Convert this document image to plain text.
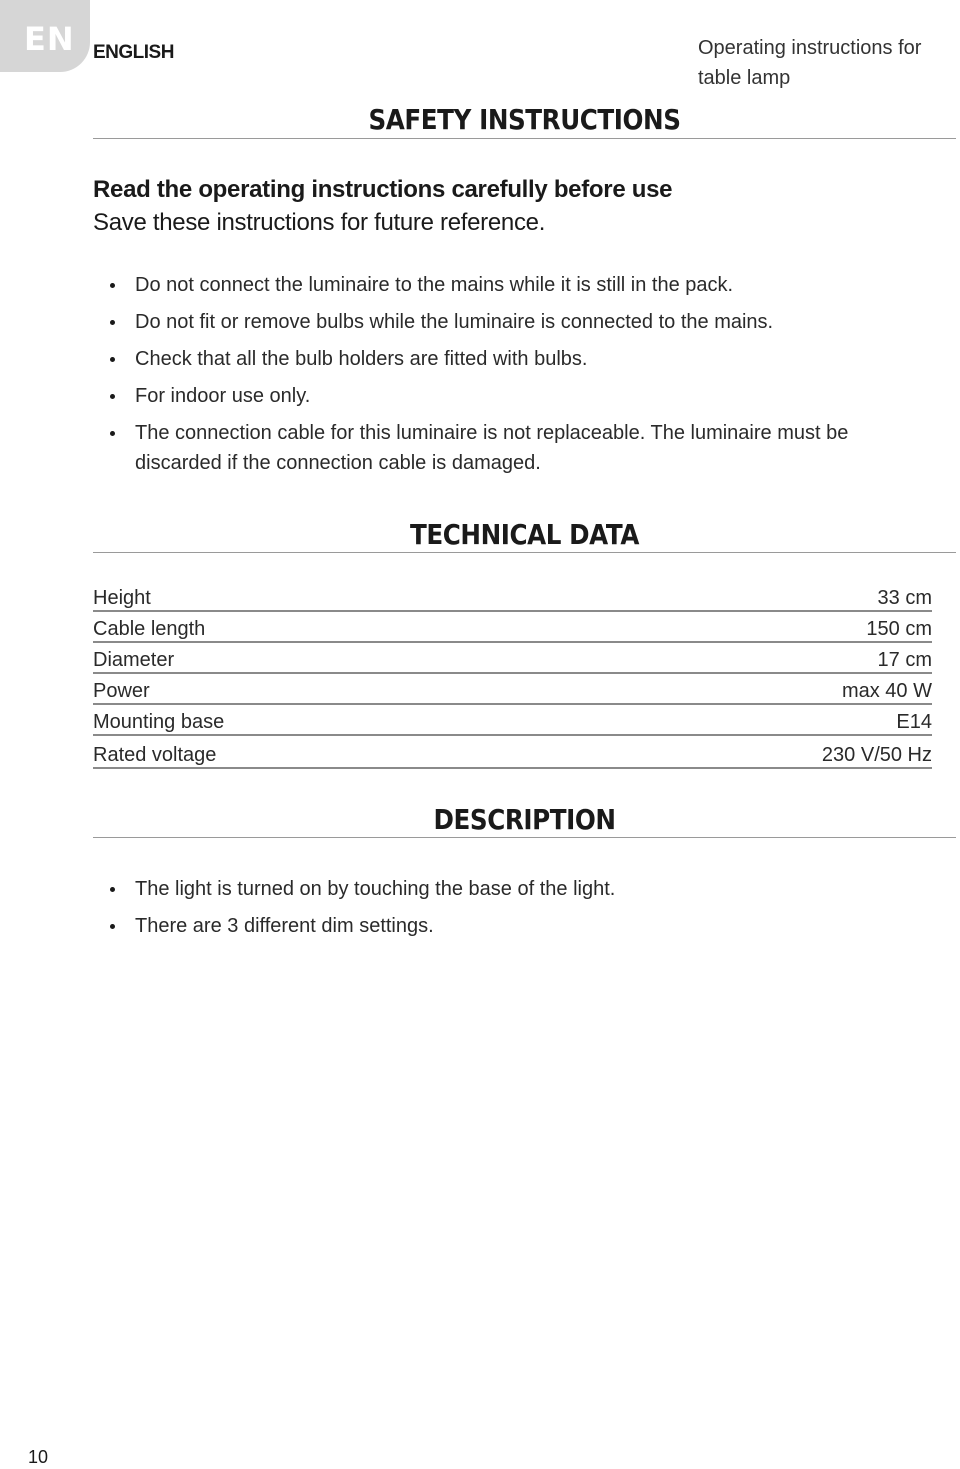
EN ENGLISH	Operating instructions for table lamp
SAFETY INSTRUCTIONS
Read the operating instructions carefully before use
Save these instructions for future reference.
Do not connect the luminaire to the mains while it is still in the pack.
Do not fit or remove bulbs while the luminaire is connected to the mains.
Check that all the bulb holders are fitted with bulbs.
For indoor use only.
The connection cable for this luminaire is not replaceable. The luminaire must be discarded if the connection cable is damaged.
TECHNICAL DATA
Height	33 cm
Cable length	150 cm
Diameter	17 cm
Power	max 40 W
Mounting base	E14
Rated voltage	230 V/50 Hz
DESCRIPTION
The light is turned on by touching the base of the light.
There are 3 different dim settings.
10
